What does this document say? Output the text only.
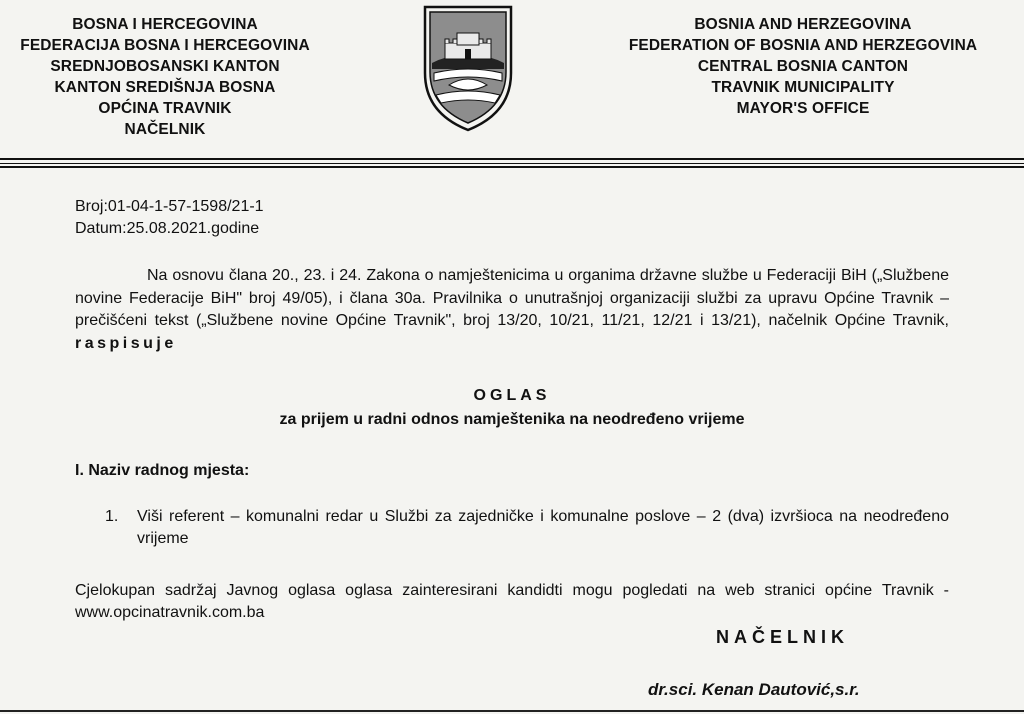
BOSNA I HERCEGOVINA
FEDERACIJA BOSNA I HERCEGOVINA
SREDNJOBOSANSKI KANTON
KANTON SREDIŠNJA BOSNA
OPĆINA TRAVNIK
NAČELNIK
BOSNIA AND HERZEGOVINA
FEDERATION OF BOSNIA AND HERZEGOVINA
CENTRAL BOSNIA CANTON
TRAVNIK MUNICIPALITY
MAYOR'S OFFICE
Broj:01-04-1-57-1598/21-1
Datum:25.08.2021.godine

Na osnovu člana 20., 23. i 24. Zakona o namještenicima u organima državne službe u Federaciji BiH („Službene novine Federacije BiH" broj 49/05), i člana 30a. Pravilnika o unutrašnjoj organizaciji službi za upravu Općine Travnik – prečišćeni tekst („Službene novine Općine Travnik", broj 13/20, 10/21, 11/21, 12/21 i 13/21), načelnik Općine Travnik, raspisuje

OGLAS
za prijem u radni odnos namještenika na neodređeno vrijeme
I. Naziv radnog mjesta:
1. Viši referent – komunalni redar u Službi za zajedničke i komunalne poslove – 2 (dva) izvršioca na neodređeno vrijeme
Cjelokupan sadržaj Javnog oglasa oglasa zainteresirani kandidti mogu pogledati na web stranici općine Travnik - www.opcinatravnik.com.ba
NAČELNIK
dr.sci. Kenan Dautović,s.r.
